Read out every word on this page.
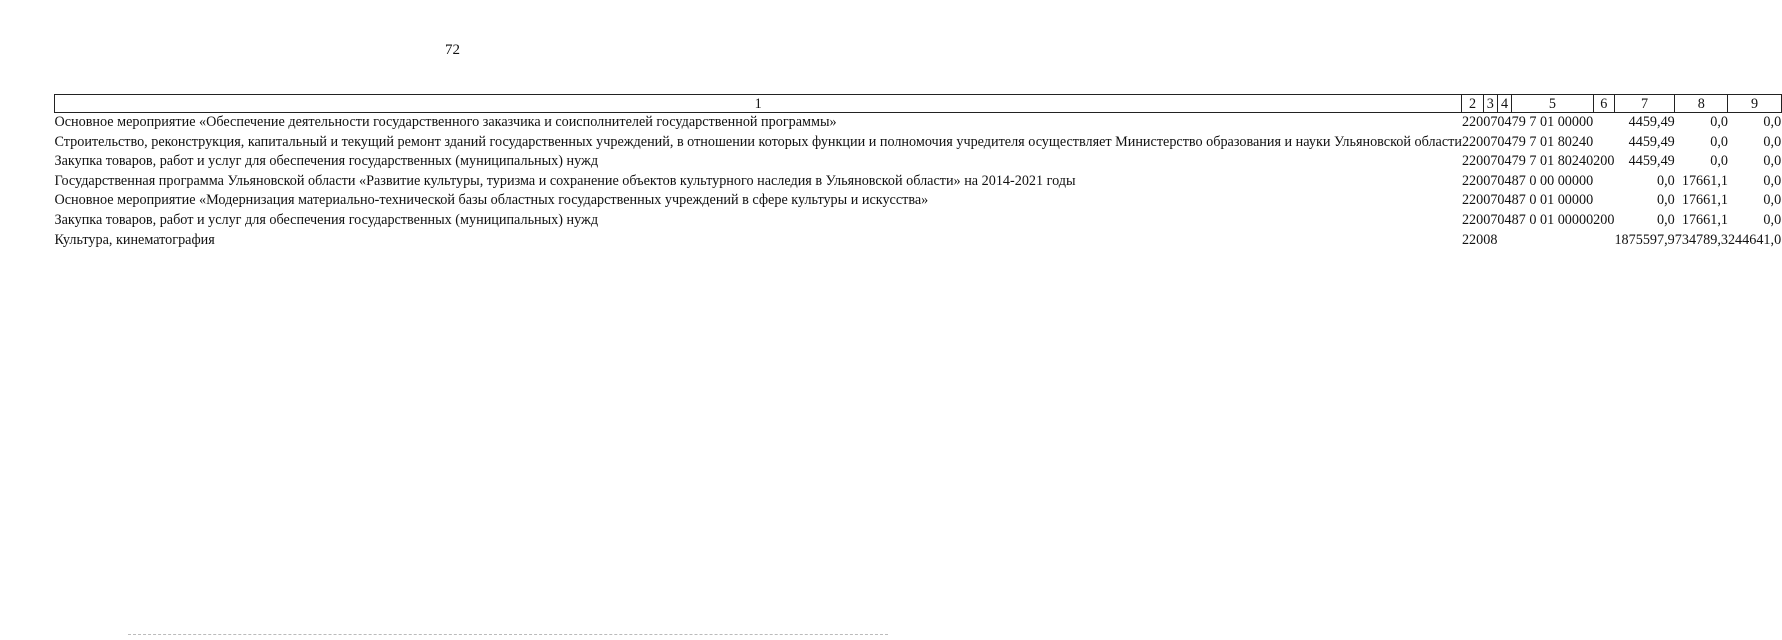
72
1	2	3	4	5	6	7	8	9
Основное мероприятие «Обеспечение деятельности государственного заказчика и соисполнителей государственной программы»	220	07	04	79 7 01 00000		4459,49	0,0	0,0
Строительство, реконструкция, капитальный и текущий ремонт зданий государственных учреждений, в отношении которых функции и полномочия учредителя осуществляет Министерство образования и науки Ульяновской области	220	07	04	79 7 01 80240		4459,49	0,0	0,0
Закупка товаров, работ и услуг для обеспечения государственных (муниципальных) нужд	220	07	04	79 7 01 80240	200	4459,49	0,0	0,0
Государственная программа Ульяновской области «Развитие культуры, туризма и сохранение объектов культурного наследия в Ульяновской области» на 2014-2021 годы	220	07	04	87 0 00 00000		0,0	17661,1	0,0
Основное мероприятие «Модернизация материально-технической базы областных государственных учреждений в сфере культуры и искусства»	220	07	04	87 0 01 00000		0,0	17661,1	0,0
Закупка товаров, работ и услуг для обеспечения государственных (муниципальных) нужд	220	07	04	87 0 01 00000	200	0,0	17661,1	0,0
Культура, кинематография	220	08				1875597,9	734789,3	244641,0
